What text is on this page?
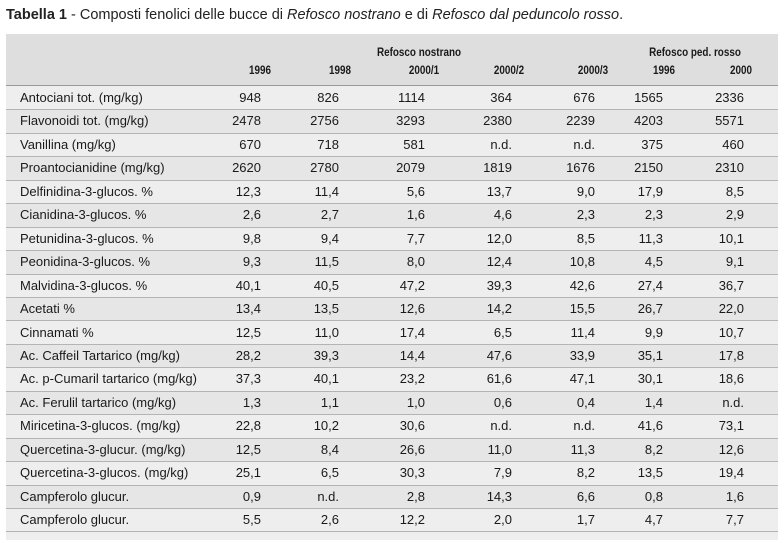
Tabella 1 - Composti fenolici delle bucce di Refosco nostrano e di Refosco dal peduncolo rosso.
Refosco nostrano	Refosco ped. rosso
1996	1998	2000/1	2000/2	2000/3	1996	2000
Antociani tot. (mg/kg)	948	826	1114	364	676	1565	2336
Flavonoidi tot. (mg/kg)	2478	2756	3293	2380	2239	4203	5571
Vanillina (mg/kg)	670	718	581	n.d.	n.d.	375	460
Proantocianidine (mg/kg)	2620	2780	2079	1819	1676	2150	2310
Delfinidina-3-glucos. %	12,3	11,4	5,6	13,7	9,0	17,9	8,5
Cianidina-3-glucos. %	2,6	2,7	1,6	4,6	2,3	2,3	2,9
Petunidina-3-glucos. %	9,8	9,4	7,7	12,0	8,5	11,3	10,1
Peonidina-3-glucos. %	9,3	11,5	8,0	12,4	10,8	4,5	9,1
Malvidina-3-glucos. %	40,1	40,5	47,2	39,3	42,6	27,4	36,7
Acetati %	13,4	13,5	12,6	14,2	15,5	26,7	22,0
Cinnamati %	12,5	11,0	17,4	6,5	11,4	9,9	10,7
Ac. Caffeil Tartarico (mg/kg)	28,2	39,3	14,4	47,6	33,9	35,1	17,8
Ac. p-Cumaril tartarico (mg/kg)	37,3	40,1	23,2	61,6	47,1	30,1	18,6
Ac. Ferulil tartarico (mg/kg)	1,3	1,1	1,0	0,6	0,4	1,4	n.d.
Miricetina-3-glucos. (mg/kg)	22,8	10,2	30,6	n.d.	n.d.	41,6	73,1
Quercetina-3-glucur. (mg/kg)	12,5	8,4	26,6	11,0	11,3	8,2	12,6
Quercetina-3-glucos. (mg/kg)	25,1	6,5	30,3	7,9	8,2	13,5	19,4
Campferolo glucur.	0,9	n.d.	2,8	14,3	6,6	0,8	1,6
Campferolo glucur.	5,5	2,6	12,2	2,0	1,7	4,7	7,7
